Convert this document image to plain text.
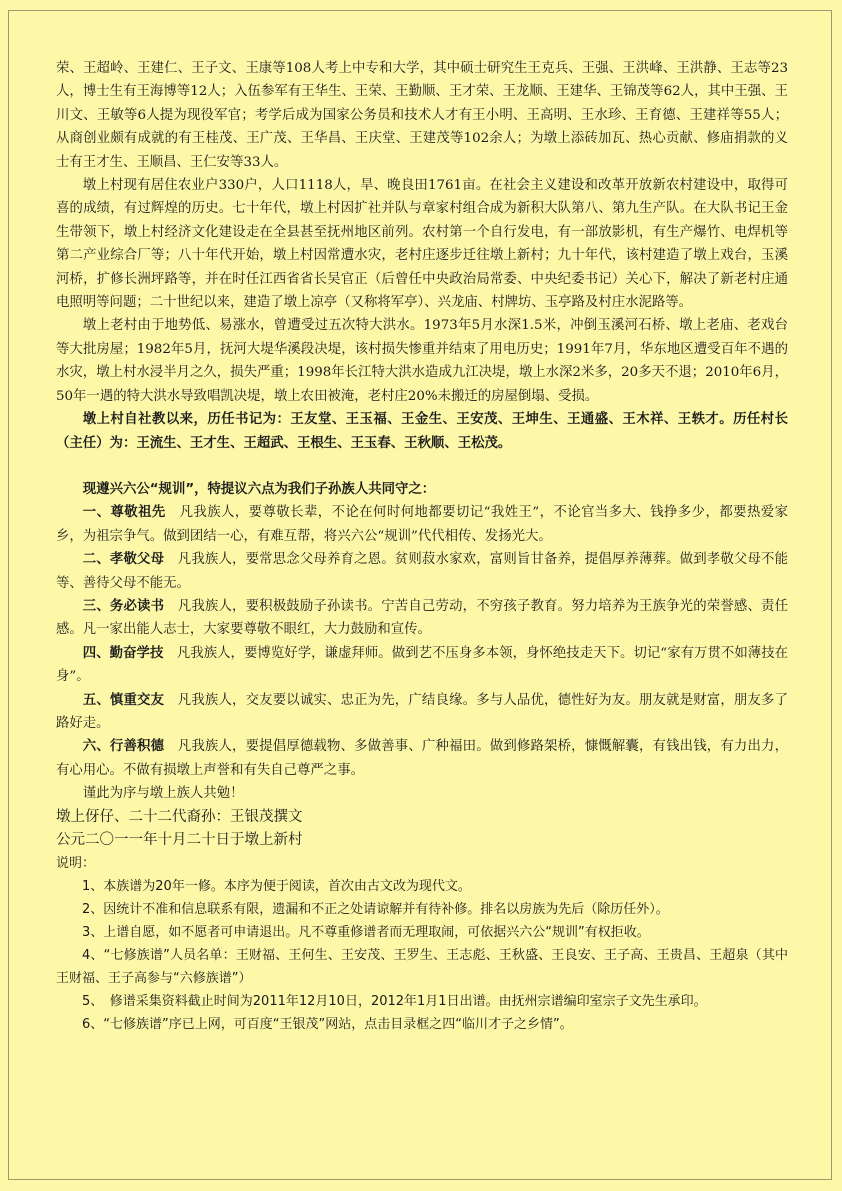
荣、王超岭、王建仁、王子文、王康等108人考上中专和大学，其中硕士研究生王克兵、王强、王洪峰、王洪静、王志等23人，博士生有王海博等12人；入伍参军有王华生、王荣、王勤顺、王才荣、王龙顺、王建华、王锦茂等62人，其中王强、王川文、王敏等6人提为现役军官；考学后成为国家公务员和技术人才有王小明、王高明、王水珍、王育德、王建祥等55人；从商创业颇有成就的有王桂茂、王广茂、王华昌、王庆堂、王建茂等102余人；为墩上添砖加瓦、热心贡献、修庙捐款的义士有王才生、王顺昌、王仁安等33人。

墩上村现有居住农业户330户，人口1118人，旱、晚良田1761亩。在社会主义建设和改革开放新农村建设中，取得可喜的成绩，有过辉煌的历史。七十年代，墩上村因扩社并队与章家村组合成为新积大队第八、第九生产队。在大队书记王金生带领下，墩上村经济文化建设走在全县甚至抚州地区前列。农村第一个自行发电，有一部放影机，有生产爆竹、电焊机等第二产业综合厂等；八十年代开始，墩上村因常遭水灾，老村庄逐步迁往墩上新村；九十年代，该村建造了墩上戏台，玉溪河桥，扩修长洲坪路等，并在时任江西省省长吴官正（后曾任中央政治局常委、中央纪委书记）关心下，解决了新老村庄通电照明等问题；二十世纪以来，建造了墩上凉亭（又称将军亭）、兴龙庙、村牌坊、玉亭路及村庄水泥路等。

墩上老村由于地势低、易涨水，曾遭受过五次特大洪水。1973年5月水深1.5米，冲倒玉溪河石桥、墩上老庙、老戏台等大批房屋；1982年5月，抚河大堤华溪段决堤，该村损失惨重并结束了用电历史；1991年7月，华东地区遭受百年不遇的水灾，墩上村水浸半月之久，损失严重；1998年长江特大洪水造成九江决堤，墩上水深2米多，20多天不退；2010年6月，50年一遇的特大洪水导致唱凯决堤，墩上农田被淹，老村庄20%未搬迁的房屋倒塌、受损。

墩上村自社教以来，历任书记为：王友堂、王玉福、王金生、王安茂、王坤生、王通盛、王木祥、王轶才。历任村长（主任）为：王流生、王才生、王超武、王根生、王玉春、王秋顺、王松茂。

现遵兴六公“规训”，特提议六点为我们子孙族人共同守之：

一、尊敬祖先　 凡我族人，要尊敬长辈，不论在何时何地都要切记“我姓王”，不论官当多大、钱挣多少，都要热爱家乡，为祖宗争气。做到团结一心，有难互帮，将兴六公“规训”代代相传、发扬光大。

二、孝敬父母　 凡我族人，要常思念父母养育之恩。贫则菽水家欢，富则旨甘备养，提倡厚养薄葬。做到孝敬父母不能等、善待父母不能无。

三、务必读书　 凡我族人，要积极鼓励子孙读书。宁苦自己劳动，不穷孩子教育。努力培养为王族争光的荣誉感、责任感。凡一家出能人志士，大家要尊敬不眼红，大力鼓励和宣传。

四、勤奋学技　 凡我族人，要博览好学，谦虚拜师。做到艺不压身多本领，身怀绝技走天下。切记“家有万贯不如薄技在身”。

五、慎重交友　 凡我族人，交友要以诚实、忠正为先，广结良缘。多与人品优，德性好为友。朋友就是财富，朋友多了路好走。

六、行善积德　 凡我族人，要提倡厚德载物、多做善事、广种福田。做到修路架桥，慷慨解囊，有钱出钱，有力出力，有心用心。不做有损墩上声誉和有失自己尊严之事。

谨此为序与墩上族人共勉！

墩上伢仔、二十二代裔孙：王银茂撰文

公元二〇一一年十月二十日于墩上新村

说明：

1、本族谱为20年一修。本序为便于阅读，首次由古文改为现代文。

2、因统计不准和信息联系有限，遗漏和不正之处请谅解并有待补修。排名以房族为先后（除历任外）。

3、上谱自愿，如不愿者可申请退出。凡不尊重修谱者而无理取闹，可依据兴六公“规训”有权拒收。

4、“七修族谱”人员名单：王财福、王何生、王安茂、王罗生、王志彪、王秋盛、王良安、王子高、王贵昌、王超泉（其中王财福、王子高参与“六修族谱”）

5、　修谱采集资料截止时间为2011年12月10日，2012年1月1日出谱。由抚州宗谱编印室宗子文先生承印。

6、“七修族谱”序已上网，可百度“王银茂”网站，点击目录框之四“临川才子之乡情”。
